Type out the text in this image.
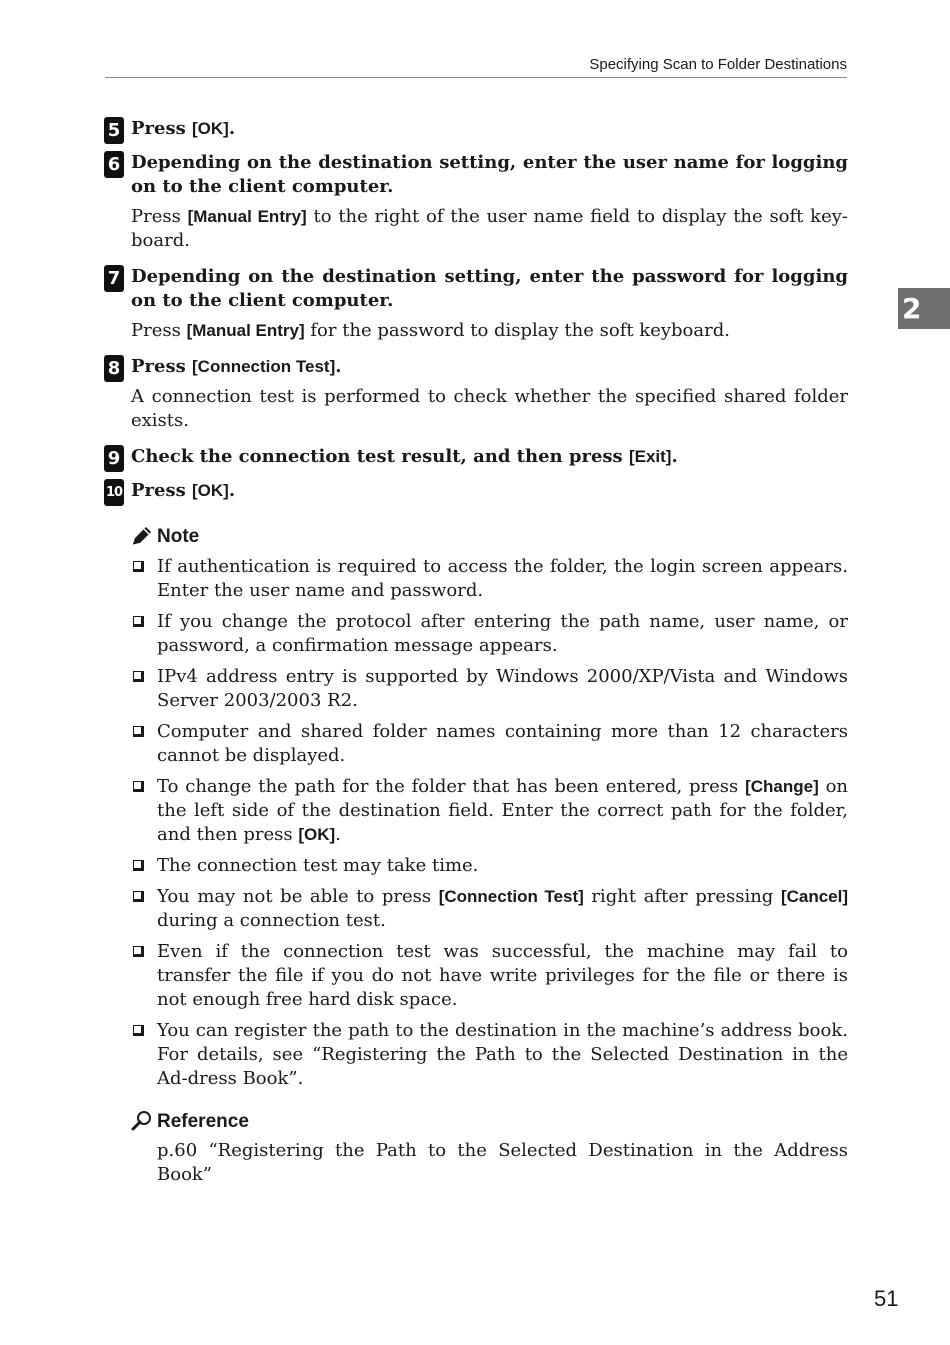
Specifying Scan to Folder Destinations
2
5 Press [OK].
6 Depending on the destination setting, enter the user name for logging on to the client computer.
Press [Manual Entry] to the right of the user name field to display the soft key-board.
7 Depending on the destination setting, enter the password for logging on to the client computer.
Press [Manual Entry] for the password to display the soft keyboard.
8 Press [Connection Test].
A connection test is performed to check whether the specified shared folder exists.
9 Check the connection test result, and then press [Exit].
10 Press [OK].
Note
If authentication is required to access the folder, the login screen appears. Enter the user name and password.
If you change the protocol after entering the path name, user name, or password, a confirmation message appears.
IPv4 address entry is supported by Windows 2000/XP/Vista and Windows Server 2003/2003 R2.
Computer and shared folder names containing more than 12 characters cannot be displayed.
To change the path for the folder that has been entered, press [Change] on the left side of the destination field. Enter the correct path for the folder, and then press [OK].
The connection test may take time.
You may not be able to press [Connection Test] right after pressing [Cancel] during a connection test.
Even if the connection test was successful, the machine may fail to transfer the file if you do not have write privileges for the file or there is not enough free hard disk space.
You can register the path to the destination in the machine’s address book. For details, see “Registering the Path to the Selected Destination in the Ad-dress Book”.
Reference
p.60 “Registering the Path to the Selected Destination in the Address Book”
51
